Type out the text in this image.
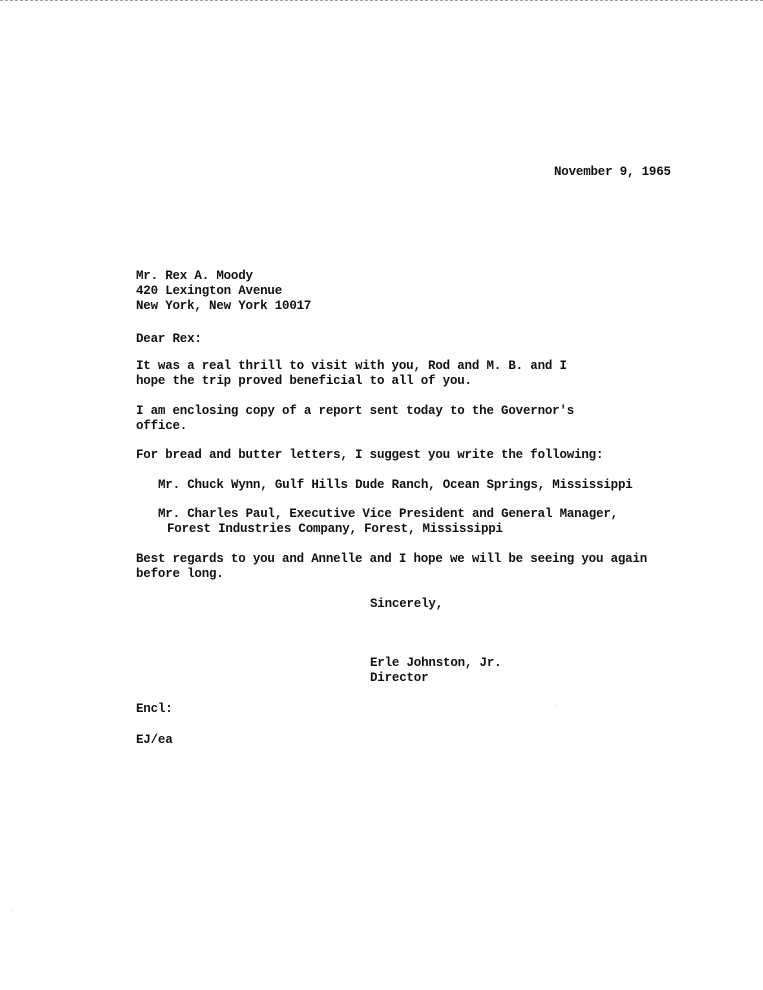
November 9, 1965
Mr. Rex A. Moody
420 Lexington Avenue
New York, New York 10017
Dear Rex:
It was a real thrill to visit with you, Rod and M. B. and I
hope the trip proved beneficial to all of you.
I am enclosing copy of a report sent today to the Governor's
office.
For bread and butter letters, I suggest you write the following:
Mr. Chuck Wynn, Gulf Hills Dude Ranch, Ocean Springs, Mississippi
Mr. Charles Paul, Executive Vice President and General Manager,
Forest Industries Company, Forest, Mississippi
Best regards to you and Annelle and I hope we will be seeing you again
before long.
Sincerely,
Erle Johnston, Jr.
Director
Encl:
EJ/ea
